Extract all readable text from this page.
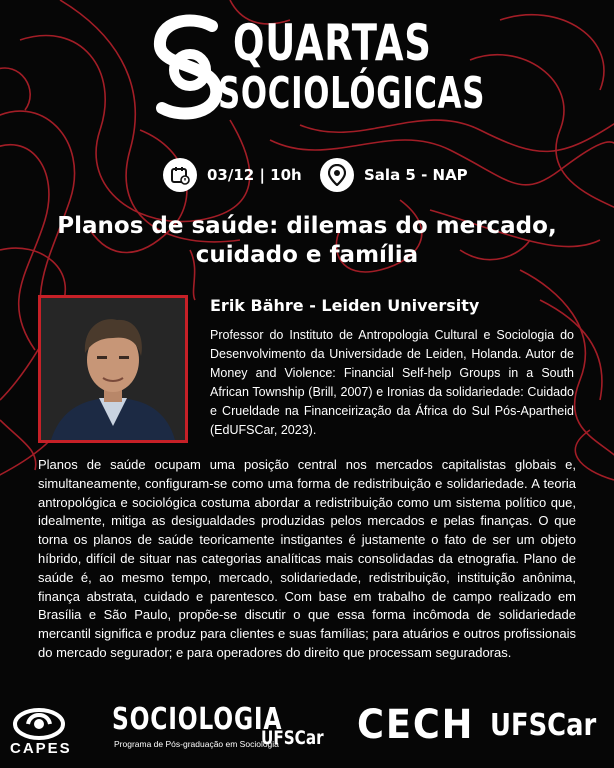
QUARTAS
SOCIOLÓGICAS
03/12 | 10h	Sala 5 - NAP
Planos de saúde: dilemas do mercado,
cuidado e família
Erik Bähre - Leiden University
Professor do Instituto de Antropologia Cultural e Sociologia do Desenvolvimento da Universidade de Leiden, Holanda. Autor de Money and Violence: Financial Self-help Groups in a South African Township (Brill, 2007) e Ironias da solidariedade: Cuidado e Crueldade na Financeirização da África do Sul Pós-Apartheid (EdUFSCar, 2023).
Planos de saúde ocupam uma posição central nos mercados capitalistas globais e, simultaneamente, configuram-se como uma forma de redistribuição e solidariedade. A teoria antropológica e sociológica costuma abordar a redistribuição como um sistema político que, idealmente, mitiga as desigualdades produzidas pelos mercados e pelas finanças. O que torna os planos de saúde teoricamente instigantes é justamente o fato de ser um objeto híbrido, difícil de situar nas categorias analíticas mais consolidadas da etnografia. Plano de saúde é, ao mesmo tempo, mercado, solidariedade, redistribuição, instituição anônima, finança abstrata, cuidado e parentesco. Com base em trabalho de campo realizado em Brasília e São Paulo, propõe-se discutir o que essa forma incômoda de solidariedade mercantil significa e produz para clientes e suas famílias; para atuários e outros profissionais do mercado segurador; e para operadores do direito que processam seguradoras.
CAPES
SOCIOLOGIA
UFSCar
Programa de Pós-graduação em Sociologia CECH UFSCar
